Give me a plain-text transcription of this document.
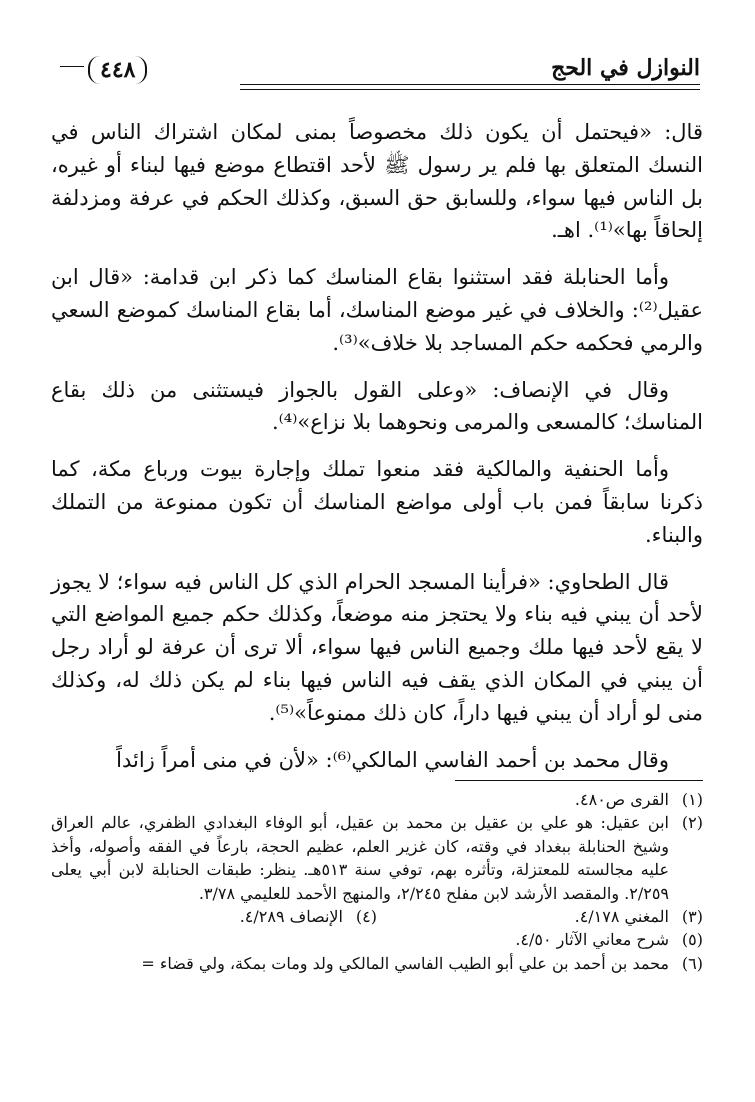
النوازل في الحج
٤٤٨

قال: «فيحتمل أن يكون ذلك مخصوصاً بمنى لمكان اشتراك الناس في النسك المتعلق بها فلم ير رسول ﷺ لأحد اقتطاع موضع فيها لبناء أو غيره، بل الناس فيها سواء، وللسابق حق السبق، وكذلك الحكم في عرفة ومزدلفة إلحاقاً بها»⁽¹⁾. اهـ.

وأما الحنابلة فقد استثنوا بقاع المناسك كما ذكر ابن قدامة: «قال ابن عقيل⁽²⁾: والخلاف في غير موضع المناسك، أما بقاع المناسك كموضع السعي والرمي فحكمه حكم المساجد بلا خلاف»⁽³⁾.

وقال في الإنصاف: «وعلى القول بالجواز فيستثنى من ذلك بقاع المناسك؛ كالمسعى والمرمى ونحوهما بلا نزاع»⁽⁴⁾.

وأما الحنفية والمالكية فقد منعوا تملك وإجارة بيوت ورباع مكة، كما ذكرنا سابقاً فمن باب أولى مواضع المناسك أن تكون ممنوعة من التملك والبناء.

قال الطحاوي: «فرأينا المسجد الحرام الذي كل الناس فيه سواء؛ لا يجوز لأحد أن يبني فيه بناء ولا يحتجز منه موضعاً، وكذلك حكم جميع المواضع التي لا يقع لأحد فيها ملك وجميع الناس فيها سواء، ألا ترى أن عرفة لو أراد رجل أن يبني في المكان الذي يقف فيه الناس فيها بناء لم يكن ذلك له، وكذلك منى لو أراد أن يبني فيها داراً، كان ذلك ممنوعاً»⁽⁵⁾.

وقال محمد بن أحمد الفاسي المالكي⁽⁶⁾: «لأن في منى أمراً زائداً

(١)
القرى ص٤٨٠.
(٢)
ابن عقيل: هو علي بن عقيل بن محمد بن عقيل، أبو الوفاء البغدادي الظفري، عالم العراق وشيخ الحنابلة ببغداد في وقته، كان غزير العلم، عظيم الحجة، بارعاً في الفقه وأصوله، وأخذ عليه مجالسته للمعتزلة، وتأثره بهم، توفي سنة ٥١٣هـ. ينظر: طبقات الحنابلة لابن أبي يعلى ٢/٢٥٩. والمقصد الأرشد لابن مفلح ٢/٢٤٥، والمنهج الأحمد للعليمي ٣/٧٨.
(٣)
المغني ٤/١٧٨.
(٤)
الإنصاف ٤/٢٨٩.
(٥)
شرح معاني الآثار ٤/٥٠.
(٦)
محمد بن أحمد بن علي أبو الطيب الفاسي المالكي ولد ومات بمكة، ولي قضاء =
